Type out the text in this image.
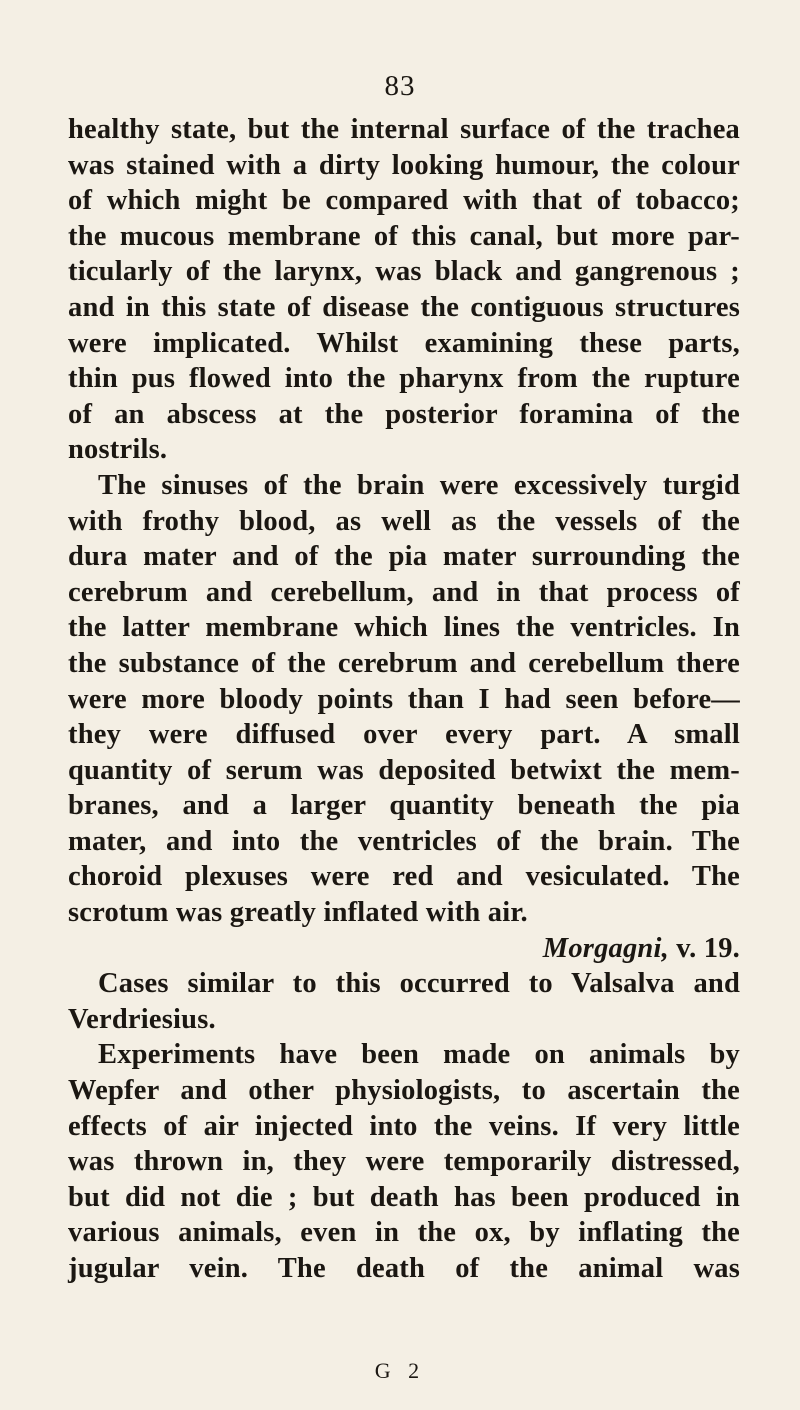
83
healthy state, but the internal surface of the trachea
was stained with a dirty looking humour, the colour
of which might be compared with that of tobacco;
the mucous membrane of this canal, but more par-
ticularly of the larynx, was black and gangrenous ;
and in this state of disease the contiguous structures
were implicated. Whilst examining these parts,
thin pus flowed into the pharynx from the rupture
of an abscess at the posterior foramina of the
nostrils.
The sinuses of the brain were excessively turgid
with frothy blood, as well as the vessels of the
dura mater and of the pia mater surrounding the
cerebrum and cerebellum, and in that process of
the latter membrane which lines the ventricles. In
the substance of the cerebrum and cerebellum there
were more bloody points than I had seen before—
they were diffused over every part. A small
quantity of serum was deposited betwixt the mem-
branes, and a larger quantity beneath the pia
mater, and into the ventricles of the brain. The
choroid plexuses were red and vesiculated. The
scrotum was greatly inflated with air.
Morgagni, v. 19.
Cases similar to this occurred to Valsalva and
Verdriesius.
Experiments have been made on animals by
Wepfer and other physiologists, to ascertain the
effects of air injected into the veins. If very little
was thrown in, they were temporarily distressed,
but did not die ; but death has been produced in
various animals, even in the ox, by inflating the
jugular vein. The death of the animal was
G 2
